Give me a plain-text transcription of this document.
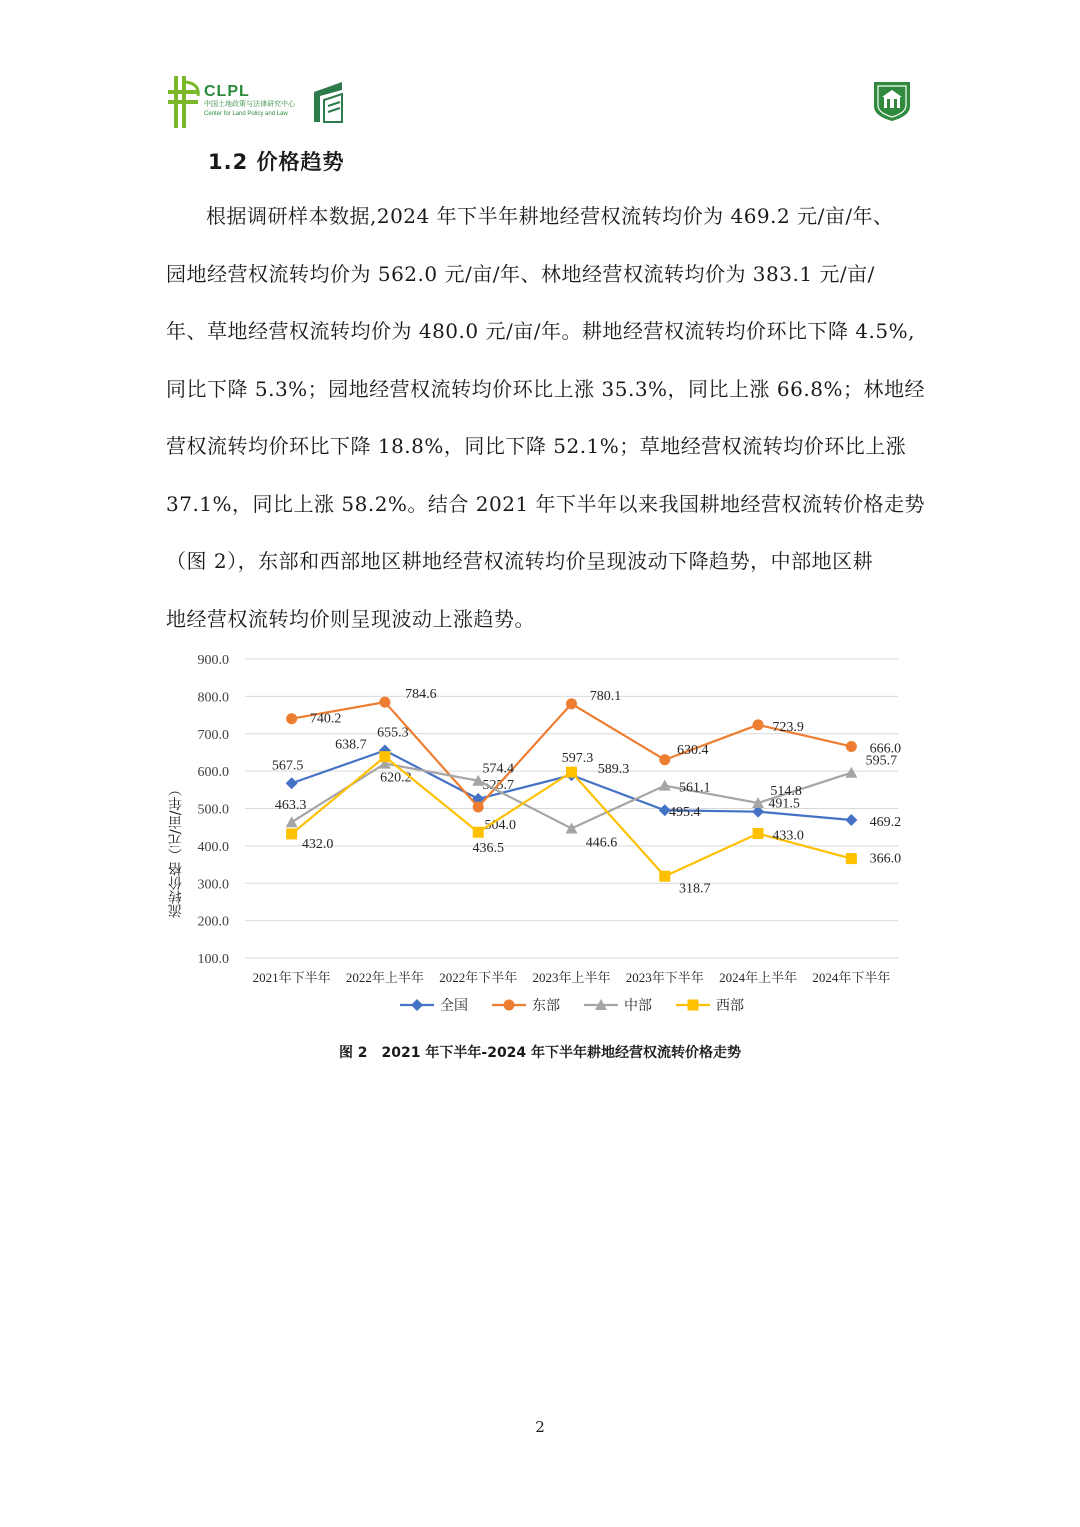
CLPL
中国土地政策与法律研究中心
Center for Land Policy and Law
1.2 价格趋势
根据调研样本数据,2024 年下半年耕地经营权流转均价为 469.2 元/亩/年、
园地经营权流转均价为 562.0 元/亩/年、林地经营权流转均价为 383.1 元/亩/
年、草地经营权流转均价为 480.0 元/亩/年。耕地经营权流转均价环比下降 4.5%,
同比下降 5.3%；园地经营权流转均价环比上涨 35.3%，同比上涨 66.8%；林地经
营权流转均价环比下降 18.8%，同比下降 52.1%；草地经营权流转均价环比上涨
37.1%，同比上涨 58.2%。结合 2021 年下半年以来我国耕地经营权流转价格走势
（图 2），东部和西部地区耕地经营权流转均价呈现波动下降趋势，中部地区耕
地经营权流转均价则呈现波动上涨趋势。
900.0
800.0
700.0
600.0
500.0
400.0
300.0
200.0
100.0
2021年下半年 2022年上半年 2022年下半年 2023年上半年 2023年下半年 2024年上半年 2024年下半年
567.5
655.3
525.7
589.3
495.4
491.5
469.2
740.2
784.6
504.0
780.1
630.4
723.9
666.0
463.3
620.2
574.4
446.6
561.1	514.8
595.7
432.0
638.7
436.5
597.3
318.7
433.0
366.0
全国	东部	中部	西部
流转价格（元/亩/年）
图 2　2021 年下半年-2024 年下半年耕地经营权流转价格走势
2
